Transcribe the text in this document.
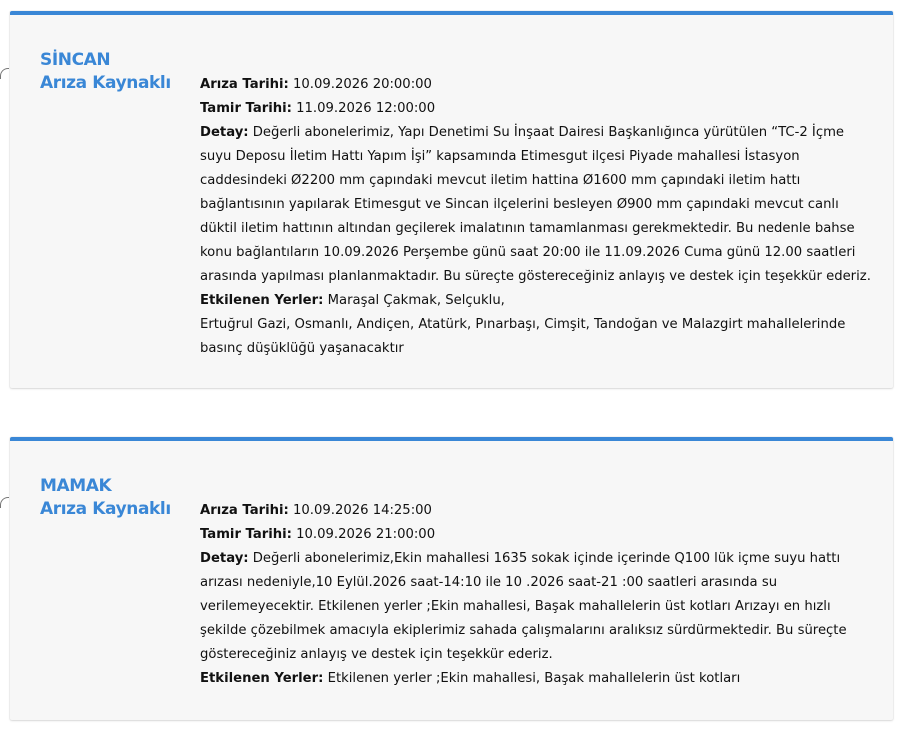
SİNCAN
Arıza Kaynaklı	Arıza Tarihi: 10.09.2026 20:00:00
Tamir Tarihi: 11.09.2026 12:00:00
Detay: Değerli abonelerimiz, Yapı Denetimi Su İnşaat Dairesi Başkanlığınca yürütülen “TC-2 İçme suyu Deposu İletim Hattı Yapım İşi” kapsamında Etimesgut ilçesi Piyade mahallesi İstasyon caddesindeki Ø2200 mm çapındaki mevcut iletim hattina Ø1600 mm çapındaki iletim hattı bağlantısının yapılarak Etimesgut ve Sincan ilçelerini besleyen Ø900 mm çapındaki mevcut canlı düktil iletim hattının altından geçilerek imalatının tamamlanması gerekmektedir. Bu nedenle bahse konu bağlantıların 10.09.2026 Perşembe günü saat 20:00 ile 11.09.2026 Cuma günü 12.00 saatleri arasında yapılması planlanmaktadır. Bu süreçte göstereceğiniz anlayış ve destek için teşekkür ederiz.
Etkilenen Yerler: Maraşal Çakmak, Selçuklu,
Ertuğrul Gazi, Osmanlı, Andiçen, Atatürk, Pınarbaşı, Cimşit, Tandoğan ve Malazgirt mahallelerinde basınç düşüklüğü yaşanacaktır
MAMAK
Arıza Kaynaklı	Arıza Tarihi: 10.09.2026 14:25:00
Tamir Tarihi: 10.09.2026 21:00:00
Detay: Değerli abonelerimiz,Ekin mahallesi 1635 sokak içinde içerinde Q100 lük içme suyu hattı arızası nedeniyle,10 Eylül.2026 saat-14:10 ile 10 .2026 saat-21 :00 saatleri arasında su verilemeyecektir. Etkilenen yerler ;Ekin mahallesi, Başak mahallelerin üst kotları Arızayı en hızlı şekilde çözebilmek amacıyla ekiplerimiz sahada çalışmalarını aralıksız sürdürmektedir. Bu süreçte göstereceğiniz anlayış ve destek için teşekkür ederiz.
Etkilenen Yerler: Etkilenen yerler ;Ekin mahallesi, Başak mahallelerin üst kotları
